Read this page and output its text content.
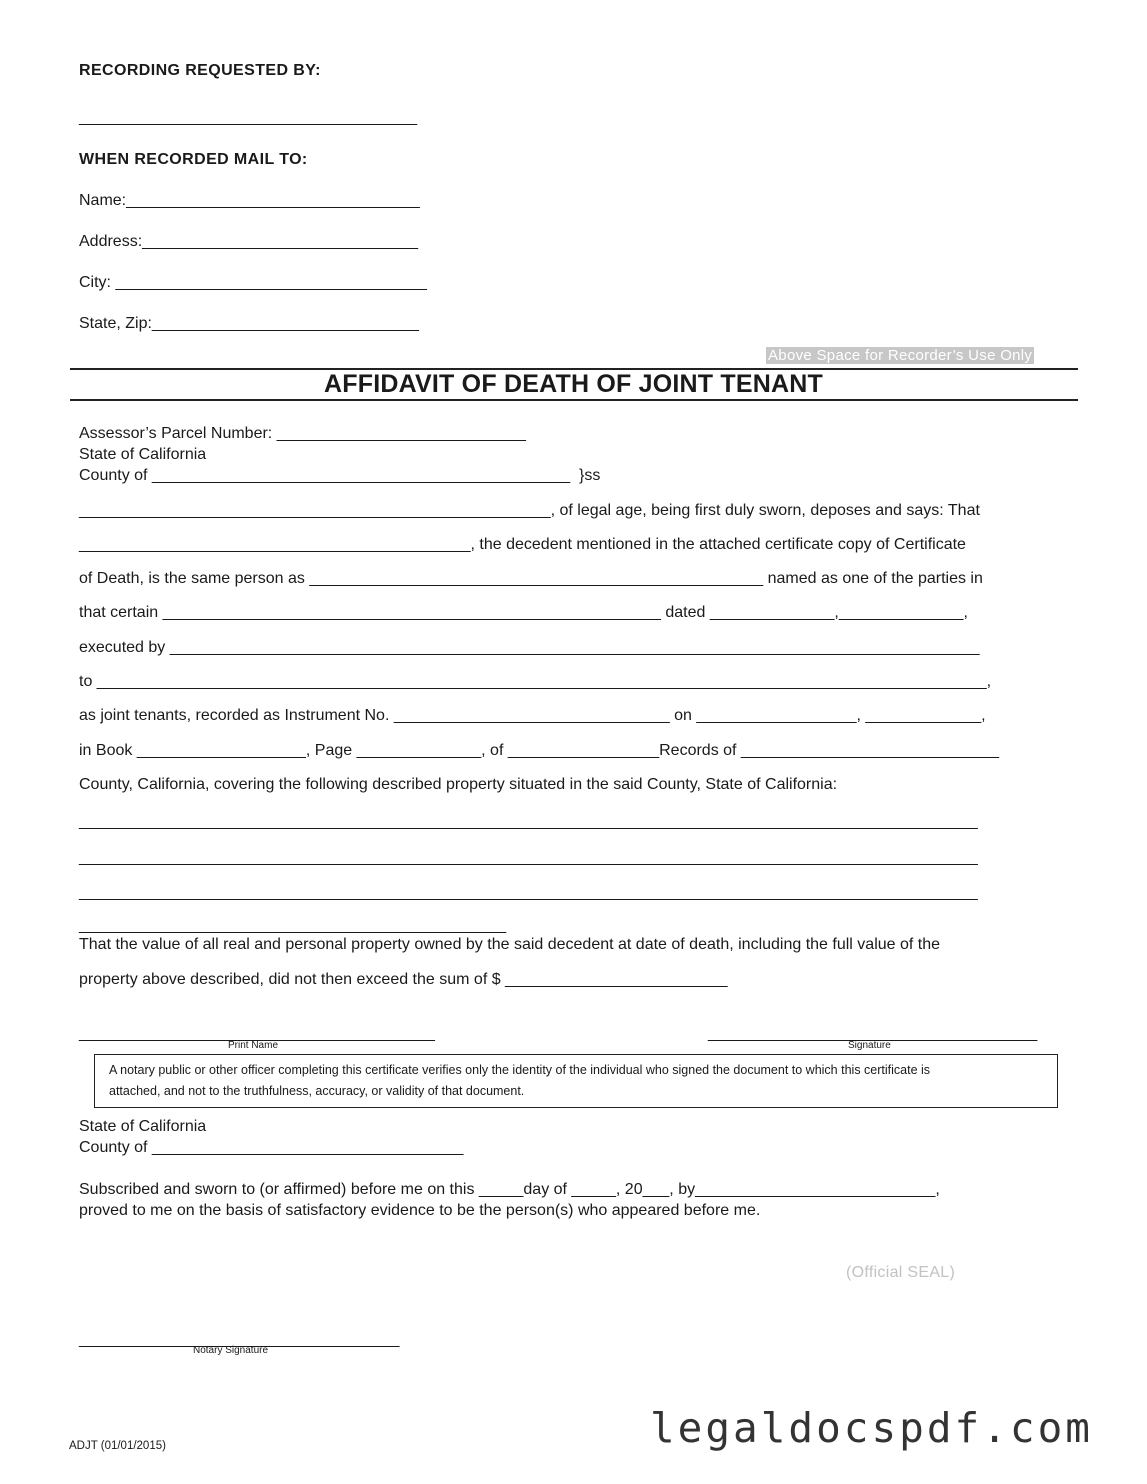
RECORDING REQUESTED BY:
______________________________________
WHEN RECORDED MAIL TO:
Name:_________________________________
Address:_______________________________
City: ___________________________________
State, Zip:______________________________
Above Space for Recorder’s Use Only
AFFIDAVIT OF DEATH OF JOINT TENANT
Assessor’s Parcel Number: ____________________________
State of California
County of _______________________________________________  }ss
_____________________________________________________, of legal age, being first duly sworn, deposes and says: That
____________________________________________, the decedent mentioned in the attached certificate copy of Certificate
of Death, is the same person as ___________________________________________________ named as one of the parties in
that certain ________________________________________________________ dated ______________,______________,
executed by ___________________________________________________________________________________________
to ____________________________________________________________________________________________________,
as joint tenants, recorded as Instrument No. _______________________________ on __________________, _____________,
in Book ___________________, Page ______________, of _________________Records of _____________________________
County, California, covering the following described property situated in the said County, State of California:
_____________________________________________________________________________________________________
_____________________________________________________________________________________________________
_____________________________________________________________________________________________________
________________________________________________
That the value of all real and personal property owned by the said decedent at date of death, including the full value of the
property above described, did not then exceed the sum of $ _________________________
________________________________________
Print Name
_____________________________________
Signature
A notary public or other officer completing this certificate verifies only the identity of the individual who signed the document to which this certificate is
attached, and not to the truthfulness, accuracy, or validity of that document.
State of California
County of ___________________________________
Subscribed and sworn to (or affirmed) before me on this _____day of _____, 20___, by___________________________,
proved to me on the basis of satisfactory evidence to be the person(s) who appeared before me.
(Official SEAL)
____________________________________
Notary Signature
ADJT (01/01/2015)	legaldocspdf.com
